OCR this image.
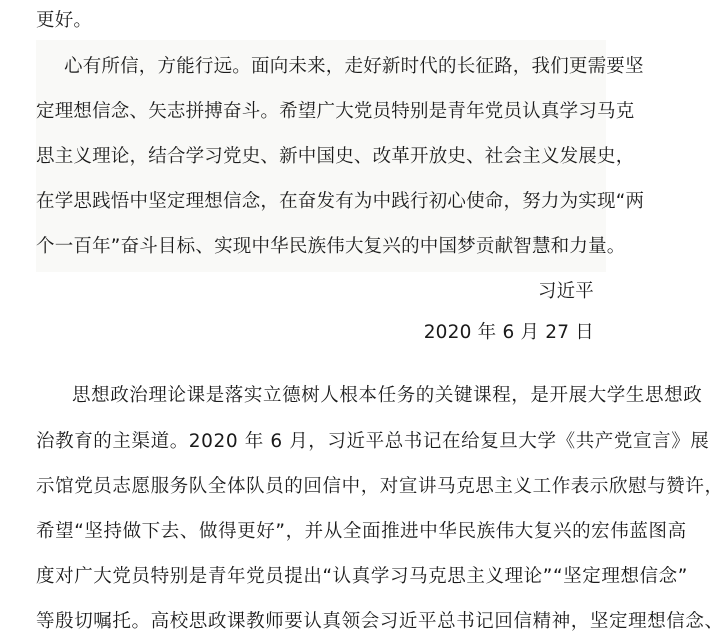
更好。
心有所信，方能行远。面向未来，走好新时代的长征路，我们更需要坚
定理想信念、矢志拼搏奋斗。希望广大党员特别是青年党员认真学习马克
思主义理论，结合学习党史、新中国史、改革开放史、社会主义发展史，
在学思践悟中坚定理想信念，在奋发有为中践行初心使命，努力为实现“两
个一百年”奋斗目标、实现中华民族伟大复兴的中国梦贡献智慧和力量。
习近平
2020 年 6 月 27 日
思想政治理论课是落实立德树人根本任务的关键课程，是开展大学生思想政
治教育的主渠道。2020 年 6 月，习近平总书记在给复旦大学《共产党宣言》展
示馆党员志愿服务队全体队员的回信中，对宣讲马克思主义工作表示欣慰与赞许，
希望“坚持做下去、做得更好”，并从全面推进中华民族伟大复兴的宏伟蓝图高
度对广大党员特别是青年党员提出“认真学习马克思主义理论”“坚定理想信念”
等殷切嘱托。高校思政课教师要认真领会习近平总书记回信精神，坚定理想信念、
